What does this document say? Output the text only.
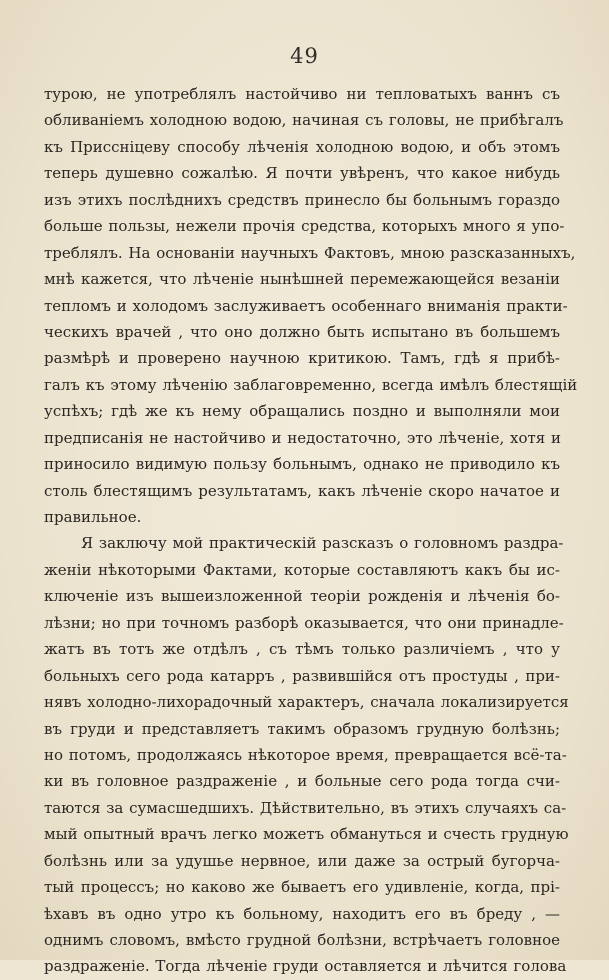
49
турою, не употреблялъ настойчиво ни тепловатыхъ ваннъ съ
обливанiемъ холодною водою, начиная съ головы, не прибѣгалъ
къ Присснiцеву способу лѣченiя холодною водою, и объ этомъ
теперь душевно сожалѣю. Я почти увѣренъ, что какое нибудь
изъ этихъ послѣднихъ средствъ принесло бы больнымъ гораздо
больше пользы, нежели прочiя средства, которыхъ много я упо-
треблялъ. На основанiи научныхъ Фактовъ, мною разсказанныхъ,
мнѣ кажется, что лѣченiе нынѣшней перемежающейся везанiи
тепломъ и холодомъ заслуживаетъ особеннаго вниманiя практи-
ческихъ врачей , что оно должно быть испытано въ большемъ
размѣрѣ и проверено научною критикою. Тамъ, гдѣ я прибѣ-
галъ къ этому лѣченiю заблаговременно, всегда имѣлъ блестящiй
успѣхъ; гдѣ же къ нему обращались поздно и выполняли мои
предписанiя не настойчиво и недостаточно, это лѣченiе, хотя и
приносило видимую пользу больнымъ, однако не приводило къ
столь блестящимъ результатамъ, какъ лѣченiе скоро начатое и
правильное.
Я заключу мой практическiй разсказъ о головномъ раздра-
женiи нѣкоторыми Фактами, которые составляютъ какъ бы ис-
ключенiе изъ вышеизложенной теорiи рожденiя и лѣченiя бо-
лѣзни; но при точномъ разборѣ оказывается, что они принадле-
жатъ въ тотъ же отдѣлъ , съ тѣмъ только различiемъ , что у
больныхъ сего рода катарръ , развившiйся отъ простуды , при-
нявъ холодно-лихорадочный характеръ, сначала локализируется
въ груди и представляетъ такимъ образомъ грудную болѣзнь;
но потомъ, продолжаясь нѣкоторое время, превращается всё-та-
ки въ головное раздраженiе , и больные сего рода тогда счи-
таются за сумасшедшихъ. Дѣйствительно, въ этихъ случаяхъ са-
мый опытный врачъ легко можетъ обмануться и счесть грудную
болѣзнь или за удушье нервное, или даже за острый бугорча-
тый процессъ; но каково же бываетъ его удивленiе, когда, прi-
ѣхавъ въ одно утро къ больному, находитъ его въ бреду , —
однимъ словомъ, вмѣсто грудной болѣзни, встрѣчаетъ головное
раздраженiе. Тогда лѣченiе груди оставляется и лѣчится голова
